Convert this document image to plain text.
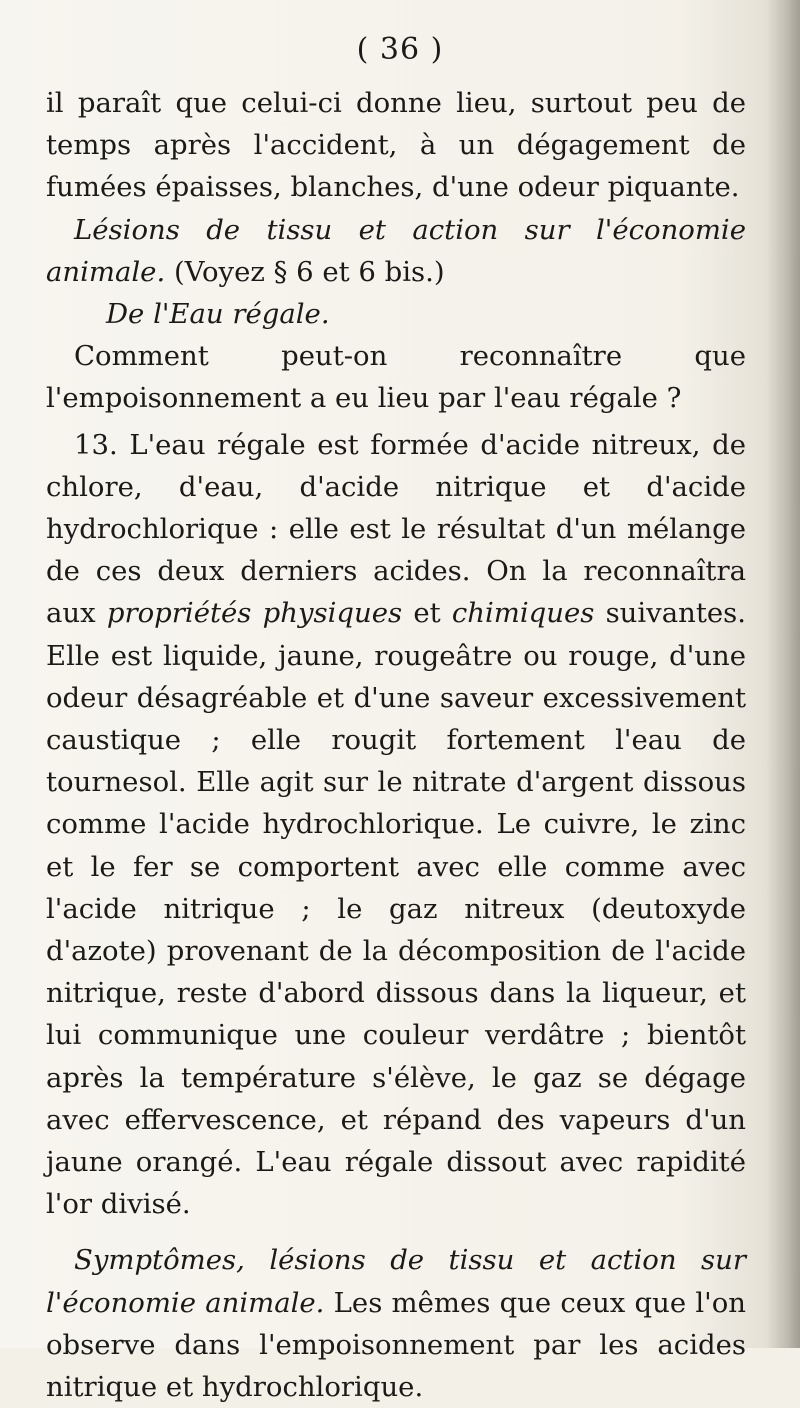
( 36 )

il paraît que celui-ci donne lieu, surtout peu de temps après l'accident, à un dégagement de fumées épaisses, blanches, d'une odeur piquante.

Lésions de tissu et action sur l'économie animale. (Voyez § 6 et 6 bis.)

De l'Eau régale.

Comment peut-on reconnaître que l'empoisonnement a eu lieu par l'eau régale ?

13. L'eau régale est formée d'acide nitreux, de chlore, d'eau, d'acide nitrique et d'acide hydrochlorique : elle est le résultat d'un mélange de ces deux derniers acides. On la reconnaîtra aux propriétés physiques et chimiques suivantes. Elle est liquide, jaune, rougeâtre ou rouge, d'une odeur désagréable et d'une saveur excessivement caustique ; elle rougit fortement l'eau de tournesol. Elle agit sur le nitrate d'argent dissous comme l'acide hydrochlorique. Le cuivre, le zinc et le fer se comportent avec elle comme avec l'acide nitrique ; le gaz nitreux (deutoxyde d'azote) provenant de la décomposition de l'acide nitrique, reste d'abord dissous dans la liqueur, et lui communique une couleur verdâtre ; bientôt après la température s'élève, le gaz se dégage avec effervescence, et répand des vapeurs d'un jaune orangé. L'eau régale dissout avec rapidité l'or divisé.

Symptômes, lésions de tissu et action sur l'économie animale. Les mêmes que ceux que l'on observe dans l'empoisonnement par les acides nitrique et hydrochlorique.
